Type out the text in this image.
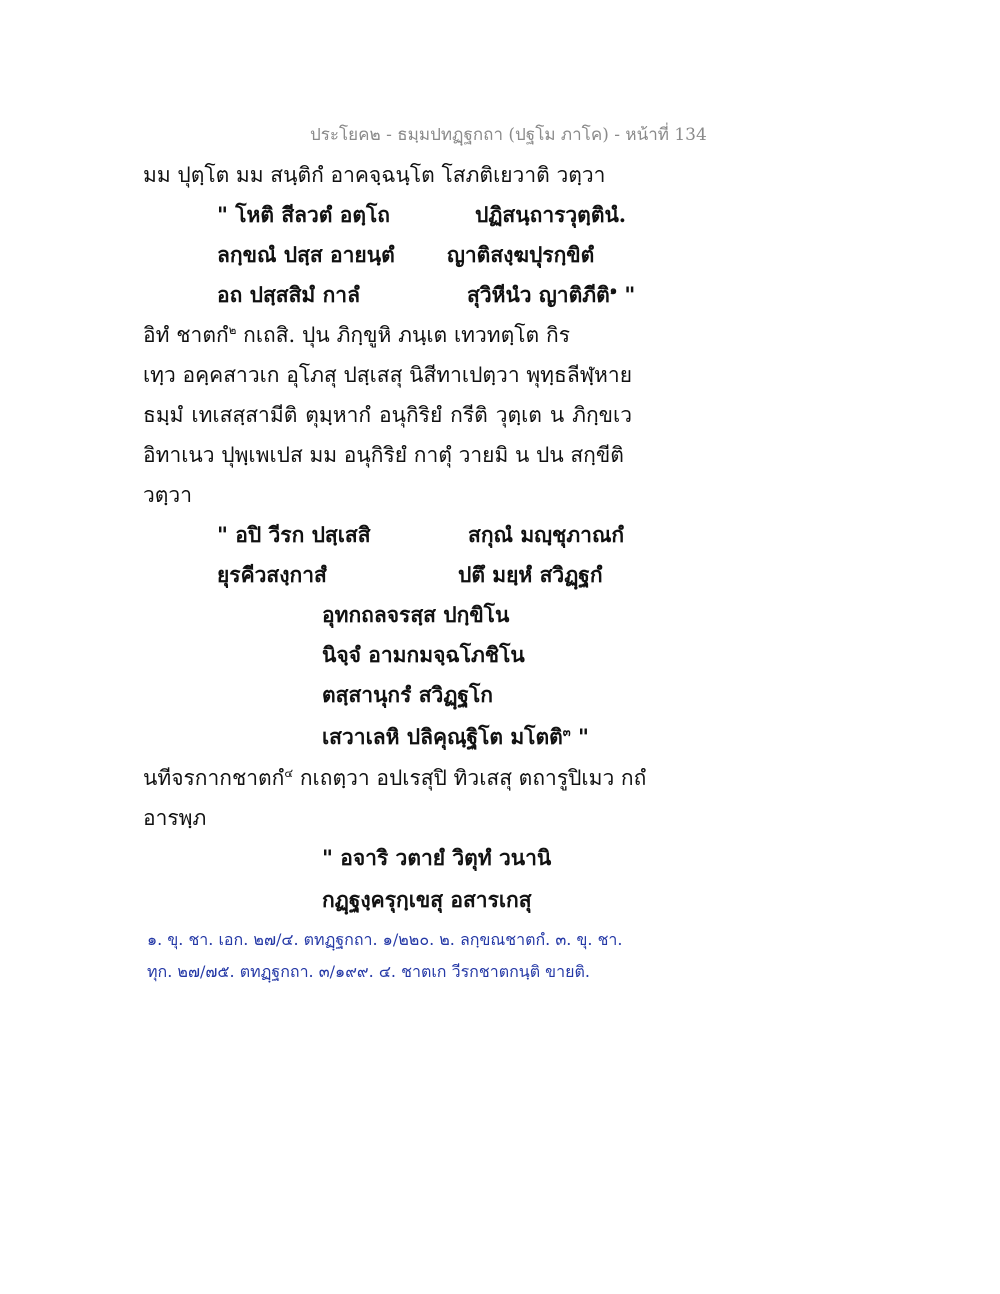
ประโยค๒ - ธมฺมปทฏฺฐกถา (ปฐโม ภาโค) - หน้าที่ 134
มม ปุตฺโต มม สนฺติกํ อาคจฺฉนฺโต โสภติเยวาติ วตฺวา
" โหติ สีลวตํ อตฺโถ	ปฏิสนฺถารวุตฺตินํ.
ลกฺขณํ ปสฺส อายนฺตํ ญาติสงฺฆปุรกฺขิตํ
อถ ปสฺสสิมํ กาลํ	สุวิหีนํว ญาติภีติ$^๑$ "
อิทํ ชาตกํ$^๒$ กเถสิ. ปุน ภิกฺขูหิ ภนฺเต เทวทตฺโต กิร
เทฺว อคฺคสาวเก อุโภสุ ปสฺเสสุ นิสีทาเปตฺวา พุทฺธลีฬฺหาย
ธมฺมํ เทเสสฺสามีติ ตุมฺหากํ อนุกิริยํ กรีติ วุตฺเต น ภิกฺขเว
อิทาเนว ปุพฺเพเปส มม อนุกิริยํ กาตุํ วายมิ น ปน สกฺขีติ
วตฺวา
" อปิ วีรก ปสฺเสสิ	สกุณํ มญฺชุภาณกํ
ยุรคีวสงฺกาสํ	ปตึ มยฺหํ สวิฏฺฐกํ
อุทกถลจรสฺส ปกฺขิโน
นิจฺจํ อามกมจฺฉโภชิโน
ตสฺสานุกรํ สวิฏฺฐโก
เสวาเลหิ ปลิคุณฺฐิโต มโตติ$^๓$ "
นทีจรกากชาตกํ$^๔$ กเถตฺวา อปเรสุปิ ทิวเสสุ ตถารูปิเมว กถํ
อารพฺภ
" อจาริ วตายํ วิตุทํ วนานิ
กฏฺฐงฺครุกฺเขสุ อสารเกสุ
๑. ขุ. ชา. เอก. ๒๗/๔. ตทฏฺฐกถา. ๑/๒๒๐. ๒. ลกฺขณชาตกํ. ๓. ขุ. ชา.
ทุก. ๒๗/๗๕. ตทฏฺฐกถา. ๓/๑๙๙. ๔. ชาตเก วีรกชาตกนฺติ ขายติ.
